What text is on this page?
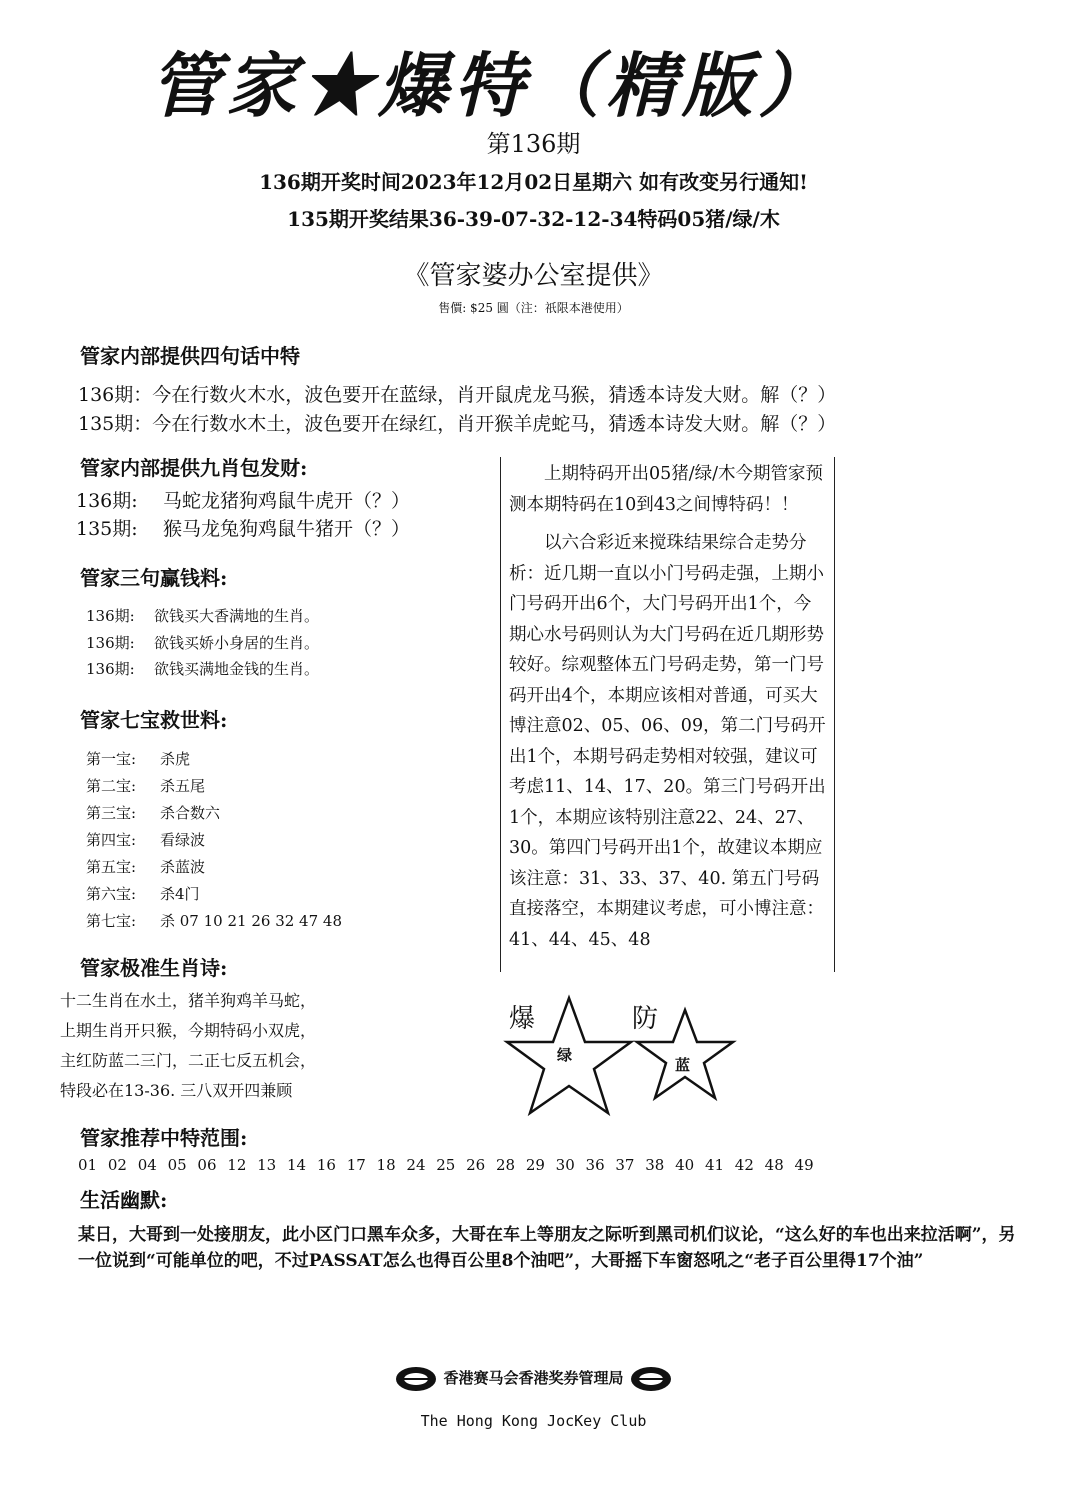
管家★爆特（精版）
第136期
136期开奖时间2023年12月02日星期六 如有改变另行通知!
135期开奖结果36-39-07-32-12-34特码05猪/绿/木
《管家婆办公室提供》
售價: $25 圓（注：祇限本港使用）
管家内部提供四句话中特
136期：今在行数火木水，波色要开在蓝绿，肖开鼠虎龙马猴，猜透本诗发大财。解（？）
135期：今在行数水木土，波色要开在绿红，肖开猴羊虎蛇马，猜透本诗发大财。解（？）
管家内部提供九肖包发财:
136期: 马蛇龙猪狗鸡鼠牛虎开（？）
135期: 猴马龙兔狗鸡鼠牛猪开（？）
管家三句赢钱料:
136期: 欲钱买大香满地的生肖。
136期: 欲钱买娇小身居的生肖。
136期: 欲钱买满地金钱的生肖。
管家七宝救世料:
第一宝: 杀虎
第二宝: 杀五尾
第三宝: 杀合数六
第四宝: 看绿波
第五宝: 杀蓝波
第六宝: 杀4门
第七宝: 杀 07 10 21 26 32 47 48
管家极准生肖诗:
十二生肖在水土，猪羊狗鸡羊马蛇，
上期生肖开只猴，今期特码小双虎，
主红防蓝二三门，二正七反五机会，
特段必在13-36. 三八双开四兼顾

上期特码开出05猪/绿/木今期管家预测本期特码在10到43之间博特码！！

以六合彩近来搅珠结果综合走势分析：近几期一直以小门号码走强，上期小门号码开出6个，大门号码开出1个，今期心水号码则认为大门号码在近几期形势较好。综观整体五门号码走势，第一门号码开出4个，本期应该相对普通，可买大博注意02、05、06、09，第二门号码开出1个，本期号码走势相对较强，建议可考虑11、14、17、20。第三门号码开出1个，本期应该特别注意22、24、27、30。第四门号码开出1个，故建议本期应该注意：31、33、37、40. 第五门号码直接落空，本期建议考虑，可小博注意：41、44、45、48

爆
绿
防
蓝
管家推荐中特范围:
01 02 04 05 06 12 13 14 16 17 18 24 25 26 28 29 30 36 37 38 40 41 42 48 49
生活幽默:
某日，大哥到一处接朋友，此小区门口黑车众多，大哥在车上等朋友之际听到黑司机们议论，“这么好的车也出来拉活啊”，另一位说到“可能单位的吧，不过PASSAT怎么也得百公里8个油吧”，大哥摇下车窗怒吼之“老子百公里得17个油”
香港赛马会香港奖券管理局
The Hong Kong JocKey Club
